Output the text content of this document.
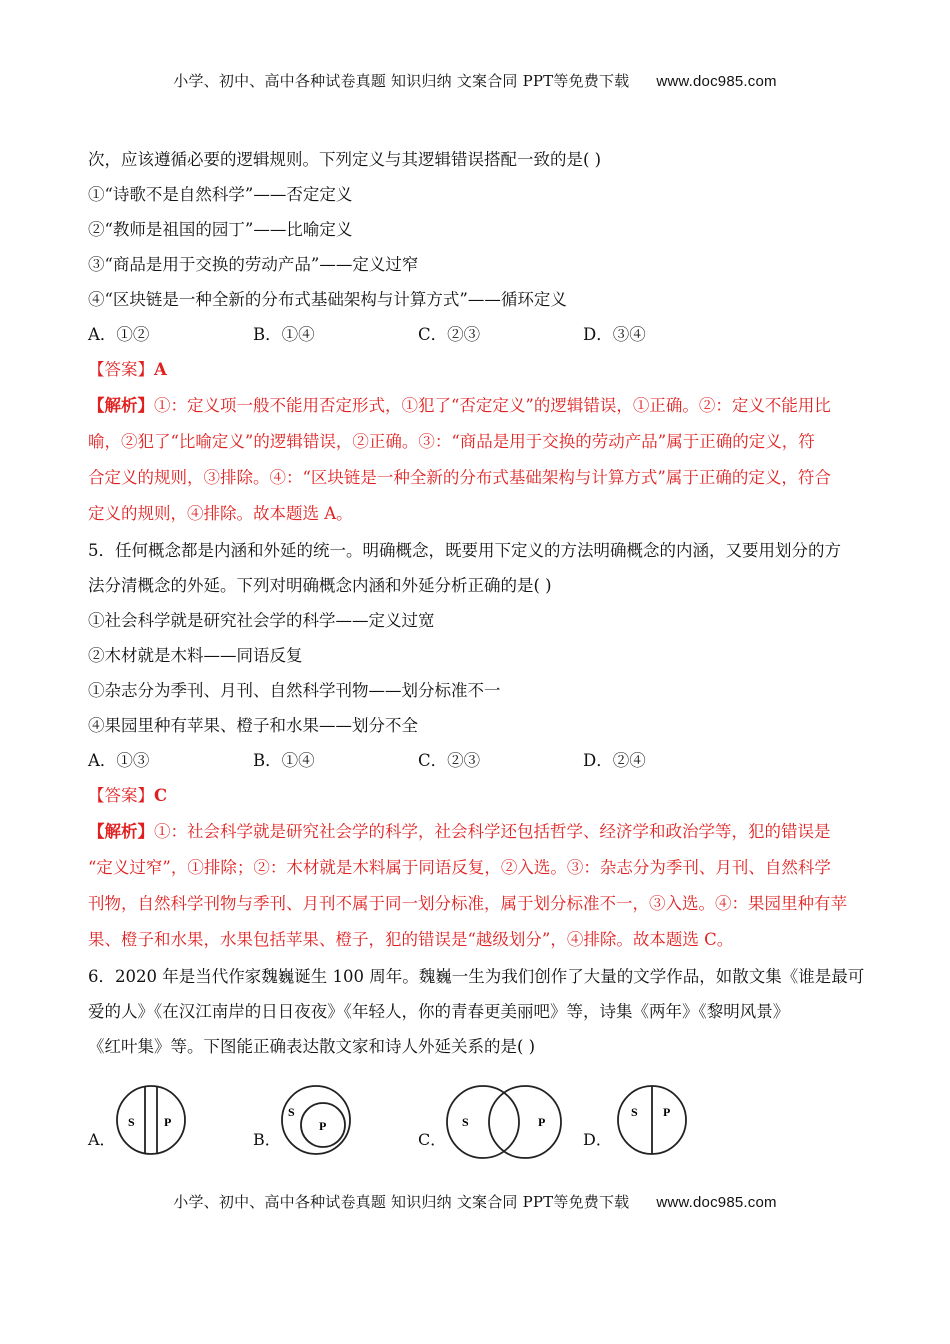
小学、初中、高中各种试卷真题 知识归纳 文案合同 PPT等免费下载 www.doc985.com
次，应该遵循必要的逻辑规则。下列定义与其逻辑错误搭配一致的是( )
①“诗歌不是自然科学”——否定定义
②“教师是祖国的园丁”——比喻定义
③“商品是用于交换的劳动产品”——定义过窄
④“区块链是一种全新的分布式基础架构与计算方式”——循环定义
A．①②	B．①④	C．②③	D．③④
【答案】A
【解析】①：定义项一般不能用否定形式，①犯了“否定定义”的逻辑错误，①正确。②：定义不能用比
喻，②犯了“比喻定义”的逻辑错误，②正确。③：“商品是用于交换的劳动产品”属于正确的定义，符
合定义的规则，③排除。④：“区块链是一种全新的分布式基础架构与计算方式”属于正确的定义，符合
定义的规则，④排除。故本题选 A。
5．任何概念都是内涵和外延的统一。明确概念，既要用下定义的方法明确概念的内涵，又要用划分的方
法分清概念的外延。下列对明确概念内涵和外延分析正确的是( )
①社会科学就是研究社会学的科学——定义过宽
②木材就是木料——同语反复
①杂志分为季刊、月刊、自然科学刊物——划分标准不一
④果园里种有苹果、橙子和水果——划分不全
A．①③	B．①④	C．②③	D．②④
【答案】C
【解析】①：社会科学就是研究社会学的科学，社会科学还包括哲学、经济学和政治学等，犯的错误是
“定义过窄”，①排除；②：木材就是木料属于同语反复，②入选。③：杂志分为季刊、月刊、自然科学
刊物，自然科学刊物与季刊、月刊不属于同一划分标准，属于划分标准不一，③入选。④：果园里种有苹
果、橙子和水果，水果包括苹果、橙子，犯的错误是“越级划分”，④排除。故本题选 C。
6．2020 年是当代作家魏巍诞生 100 周年。魏巍一生为我们创作了大量的文学作品，如散文集《谁是最可
爱的人》《在汉江南岸的日日夜夜》《年轻人，你的青春更美丽吧》等，诗集《两年》《黎明风景》
《红叶集》等。下图能正确表达散文家和诗人外延关系的是( )
A．
S P
B．
S
P
C．
S	P
D．
S P
小学、初中、高中各种试卷真题 知识归纳 文案合同 PPT等免费下载 www.doc985.com
